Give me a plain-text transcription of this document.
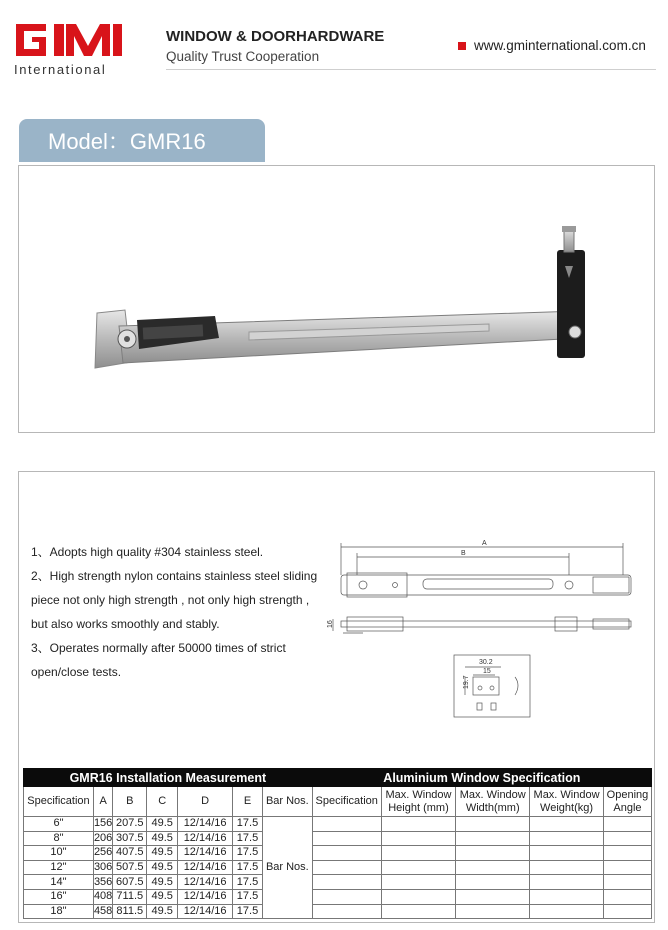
International
WINDOW & DOORHARDWARE
Quality Trust Cooperation
www.gminternational.com.cn
Model：GMR16

1、Adopts high quality #304 stainless steel.

2、High strength nylon contains stainless steel sliding

piece not only high strength , not only high strength ,

but also works smoothly and stably.

3、Operates normally after 50000 times of strict

open/close tests.

A
B
16
30.2
15
19.7
GMR16 Installation Measurement							Aluminium Window Specification				
Specification	A	B	C	D	E	Bar Nos.	Specification	Max. Window Height (mm)	Max. Window Width(mm)	Max. Window Weight(kg)	Opening Angle
6"	156	207.5	49.5	12/14/16	17.5	Bar Nos.					
8"	206	307.5	49.5	12/14/16	17.5						
10"	256	407.5	49.5	12/14/16	17.5						
12"	306	507.5	49.5	12/14/16	17.5						
14"	356	607.5	49.5	12/14/16	17.5						
16"	408	711.5	49.5	12/14/16	17.5						
18"	458	811.5	49.5	12/14/16	17.5						
